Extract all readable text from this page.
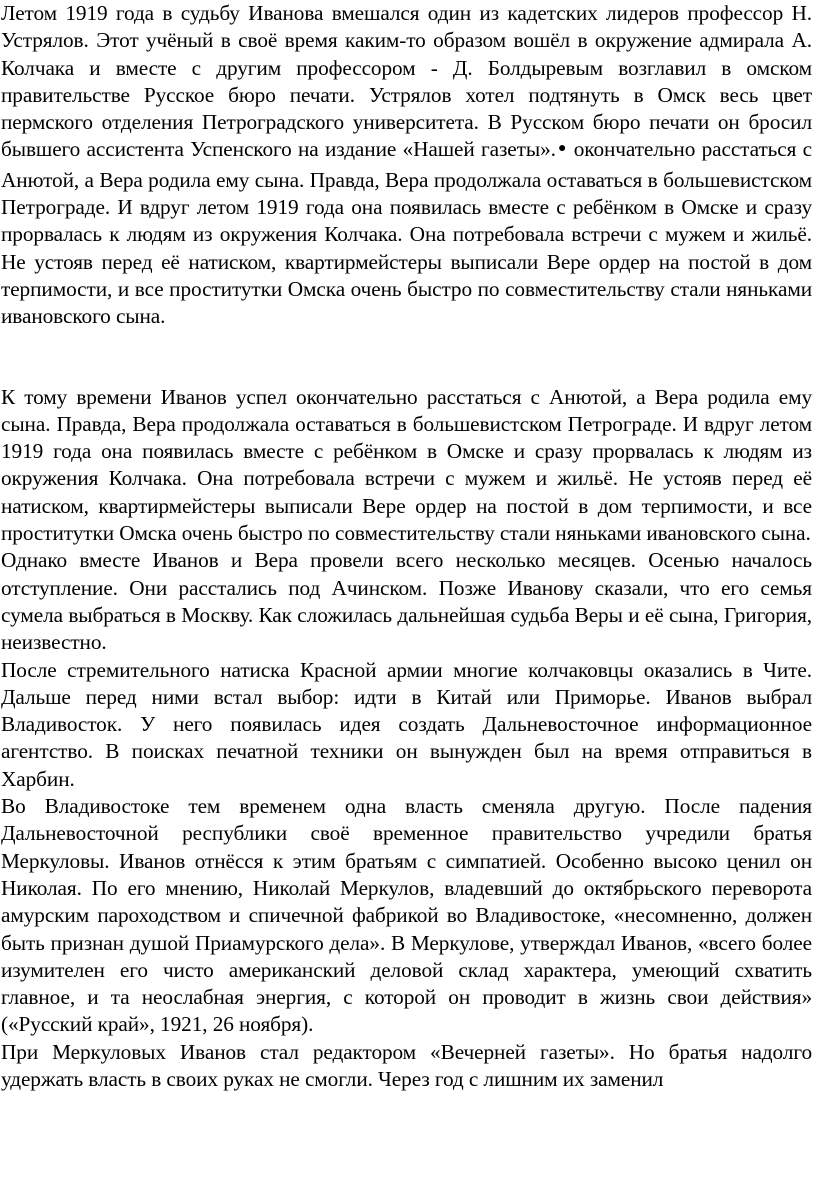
Летом 1919 года в судьбу Иванова вмешался один из кадетских лидеров профессор Н. Устрялов. Этот учёный в своё время каким-то образом вошёл в окружение адмирала А. Колчака и вместе с другим профессором - Д. Болдыревым возглавил в омском правительстве Русское бюро печати. Устрялов хотел подтянуть в Омск весь цвет пермского отделения Петроградского университета. В Русском бюро печати он бросил бывшего ассистента Успенского на издание «Нашей газеты».● окончательно расстаться с Анютой, а Вера родила ему сына. Правда, Вера продолжала оставаться в большевистском Петрограде. И вдруг летом 1919 года она появилась вместе с ребёнком в Омске и сразу прорвалась к людям из окружения Колчака. Она потребовала встречи с мужем и жильё. Не устояв перед её натиском, квартирмейстеры выписали Вере ордер на постой в дом терпимости, и все проститутки Омска очень быстро по совместительству стали няньками ивановского сына.

К тому времени Иванов успел окончательно расстаться с Анютой, а Вера родила ему сына. Правда, Вера продолжала оставаться в большевистском Петрограде. И вдруг летом 1919 года она появилась вместе с ребёнком в Омске и сразу прорвалась к людям из окружения Колчака. Она потребовала встречи с мужем и жильё. Не устояв перед её натиском, квартирмейстеры выписали Вере ордер на постой в дом терпимости, и все проститутки Омска очень быстро по совместительству стали няньками ивановского сына.

Однако вместе Иванов и Вера провели всего несколько месяцев. Осенью началось отступление. Они расстались под Ачинском. Позже Иванову сказали, что его семья сумела выбраться в Москву. Как сложилась дальнейшая судьба Веры и её сына, Григория, неизвестно.

После стремительного натиска Красной армии многие колчаковцы оказались в Чите. Дальше перед ними встал выбор: идти в Китай или Приморье. Иванов выбрал Владивосток. У него появилась идея создать Дальневосточное информационное агентство. В поисках печатной техники он вынужден был на время отправиться в Харбин.

Во Владивостоке тем временем одна власть сменяла другую. После падения Дальневосточной республики своё временное правительство учредили братья Меркуловы. Иванов отнёсся к этим братьям с симпатией. Особенно высоко ценил он Николая. По его мнению, Николай Меркулов, владевший до октябрьского переворота амурским пароходством и спичечной фабрикой во Владивостоке, «несомненно, должен быть признан душой Приамурского дела». В Меркулове, утверждал Иванов, «всего более изумителен его чисто американский деловой склад характера, умеющий схватить главное, и та неослабная энергия, с которой он проводит в жизнь свои действия» («Русский край», 1921, 26 ноября).

При Меркуловых Иванов стал редактором «Вечерней газеты». Но братья надолго удержать власть в своих руках не смогли. Через год с лишним их заменил
